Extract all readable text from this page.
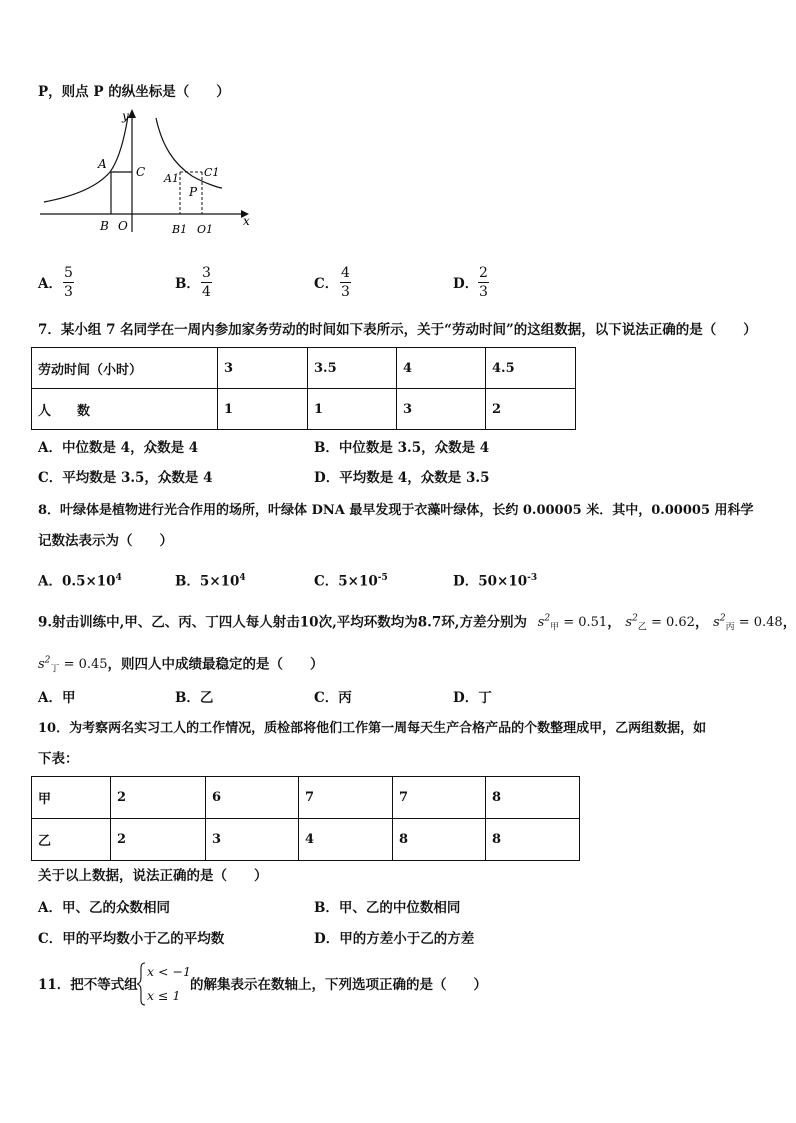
P，则点 P 的纵坐标是（　　）
y
x
A
C
B O
A1 C1
P
B1 O1
A．
5
3	B．
3
4	C．
4
3	D．
2
3
7．某小组 7 名同学在一周内参加家务劳动的时间如下表所示，关于“劳动时间”的这组数据，以下说法正确的是（　　）
劳动时间（小时）	3	3.5	4	4.5
人　　数	1	1	3	2
A．中位数是 4，众数是 4	B．中位数是 3.5，众数是 4
C．平均数是 3.5，众数是 4	D．平均数是 4，众数是 3.5
8．叶绿体是植物进行光合作用的场所，叶绿体 DNA 最早发现于衣藻叶绿体，长约 0.00005 米．其中，0.00005 用科学
记数法表示为（　　）
A．$0.5\times 10^4$	B．$5\times 10^4$	C．$5\times 10^{-5}$	D．$50\times 10^{-3}$
9.射击训练中,甲、乙、丙、丁四人每人射击10次,平均环数均为8.7环,方差分别为 $s^2_甲 = 0.51$， $s^2_乙 = 0.62$， $s^2_丙 = 0.48$，
$s^2_丁 = 0.45$，则四人中成绩最稳定的是（　　）
A．甲	B．乙	C．丙	D．丁
10．为考察两名实习工人的工作情况，质检部将他们工作第一周每天生产合格产品的个数整理成甲，乙两组数据，如
下表：
甲	2	6	7	7	8
乙	2	3	4	8	8
关于以上数据，说法正确的是（　　）
A．甲、乙的众数相同	B．甲、乙的中位数相同
C．甲的平均数小于乙的平均数	D．甲的方差小于乙的方差
11．把不等式组
x < −1
x ≤ 1
的解集表示在数轴上，下列选项正确的是（　　）
